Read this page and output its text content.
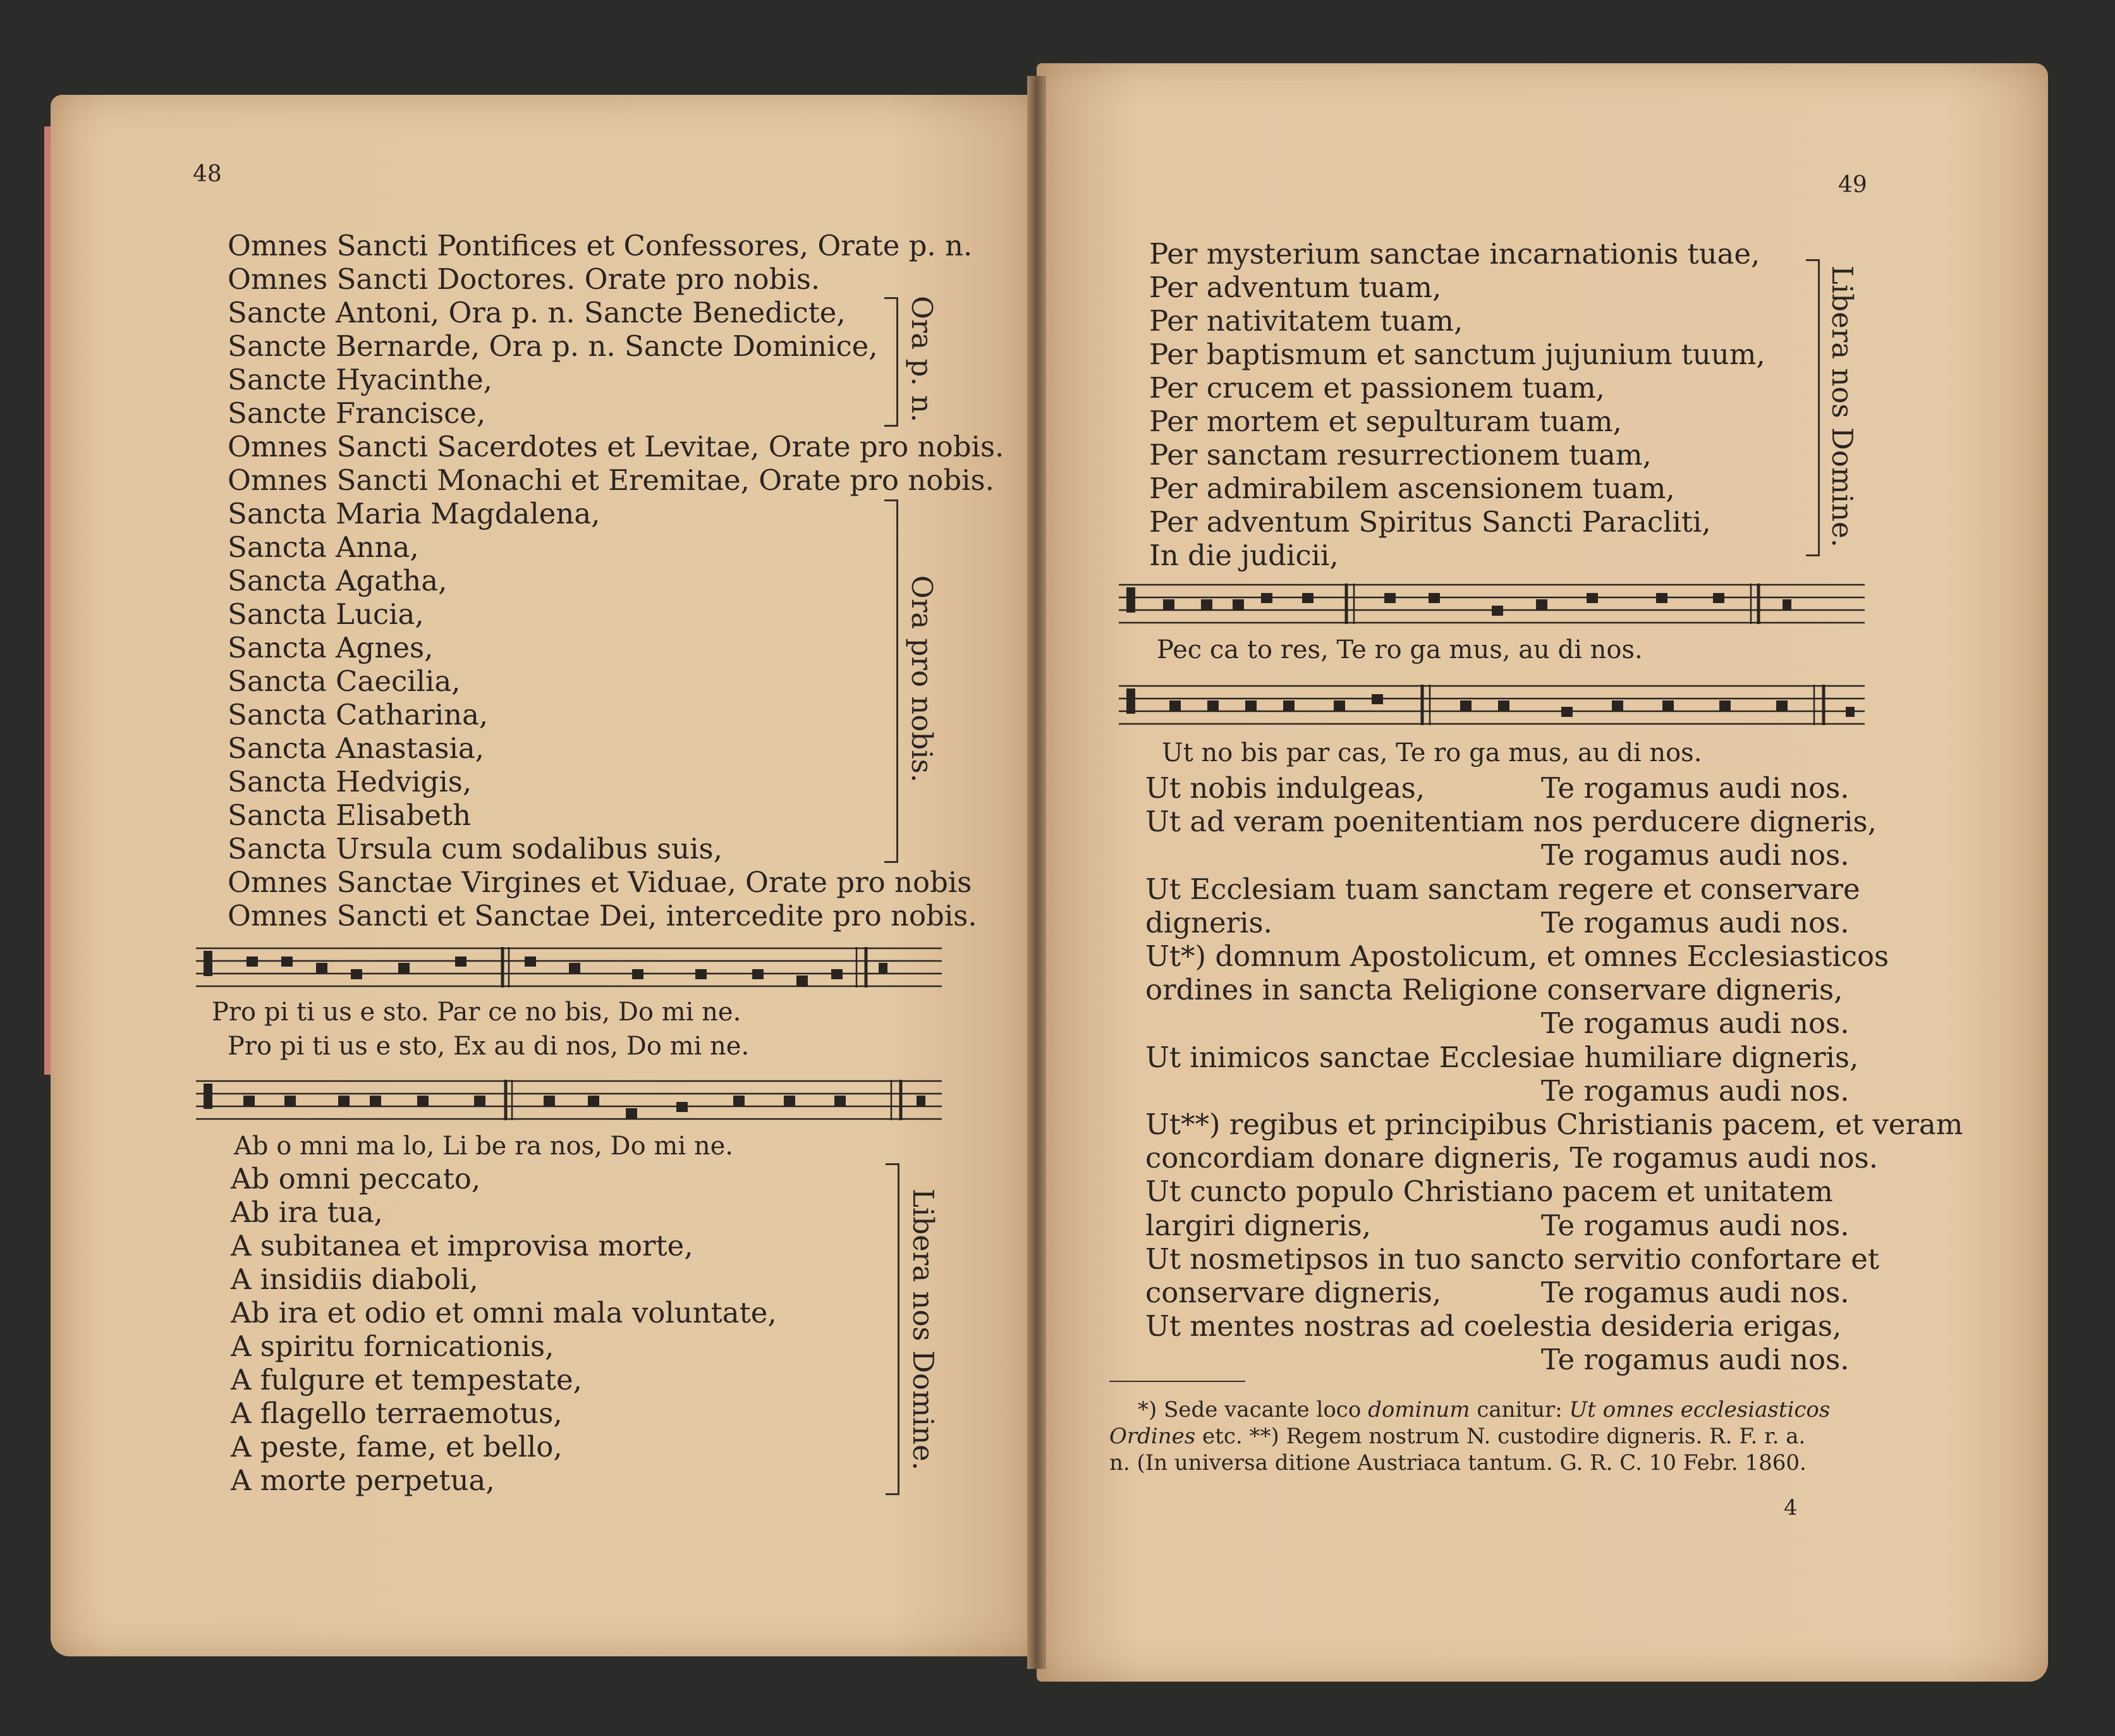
48
Omnes Sancti Pontifices et Confessores, Orate p. n.
Omnes Sancti Doctores. Orate pro nobis.
Sancte Antoni, Ora p. n. Sancte Benedicte,
Sancte Bernarde, Ora p. n. Sancte Dominice,
Sancte Hyacinthe,
Sancte Francisce,
Omnes Sancti Sacerdotes et Levitae, Orate pro nobis.
Omnes Sancti Monachi et Eremitae, Orate pro nobis.
Sancta Maria Magdalena,
Sancta Anna,
Sancta Agatha,
Sancta Lucia,
Sancta Agnes,
Sancta Caecilia,
Sancta Catharina,
Sancta Anastasia,
Sancta Hedvigis,
Sancta Elisabeth
Sancta Ursula cum sodalibus suis,
Omnes Sanctae Virgines et Viduae, Orate pro nobis
Omnes Sancti et Sanctae Dei, intercedite pro nobis.
Ora p. n.
Ora pro nobis.
Pro pi ti us e sto. Par ce no bis, Do mi ne.
Pro pi ti us e sto, Ex au di nos, Do mi ne.
Ab o mni ma lo, Li be ra nos, Do mi ne.
Ab omni peccato,
Ab ira tua,
A subitanea et improvisa morte,
A insidiis diaboli,
Ab ira et odio et omni mala voluntate,
A spiritu fornicationis,
A fulgure et tempestate,
A flagello terraemotus,
A peste, fame, et bello,
A morte perpetua,
Libera nos Domine.
49
Per mysterium sanctae incarnationis tuae,
Per adventum tuam,
Per nativitatem tuam,
Per baptismum et sanctum jujunium tuum,
Per crucem et passionem tuam,
Per mortem et sepulturam tuam,
Per sanctam resurrectionem tuam,
Per admirabilem ascensionem tuam,
Per adventum Spiritus Sancti Paracliti,
In die judicii,
Libera nos Domine.
Pec ca to res, Te ro ga mus, au di nos.
Ut no bis par cas, Te ro ga mus, au di nos.
Ut nobis indulgeas,	Te rogamus audi nos.
Ut ad veram poenitentiam nos perducere digneris,
Te rogamus audi nos.
Ut Ecclesiam tuam sanctam regere et conservare
digneris.	Te rogamus audi nos.
Ut*) domnum Apostolicum, et omnes Ecclesiasticos
ordines in sancta Religione conservare digneris,
Te rogamus audi nos.
Ut inimicos sanctae Ecclesiae humiliare digneris,
Te rogamus audi nos.
Ut**) regibus et principibus Christianis pacem, et veram
concordiam donare digneris, Te rogamus audi nos.
Ut cuncto populo Christiano pacem et unitatem
largiri digneris,	Te rogamus audi nos.
Ut nosmetipsos in tuo sancto servitio confortare et
conservare digneris,	Te rogamus audi nos.
Ut mentes nostras ad coelestia desideria erigas,
Te rogamus audi nos.
*) Sede vacante loco dominum canitur: Ut omnes ecclesiasticos
Ordines etc. **) Regem nostrum N. custodire digneris. R. F. r. a.
n. (In universa ditione Austriaca tantum. G. R. C. 10 Febr. 1860.
4
